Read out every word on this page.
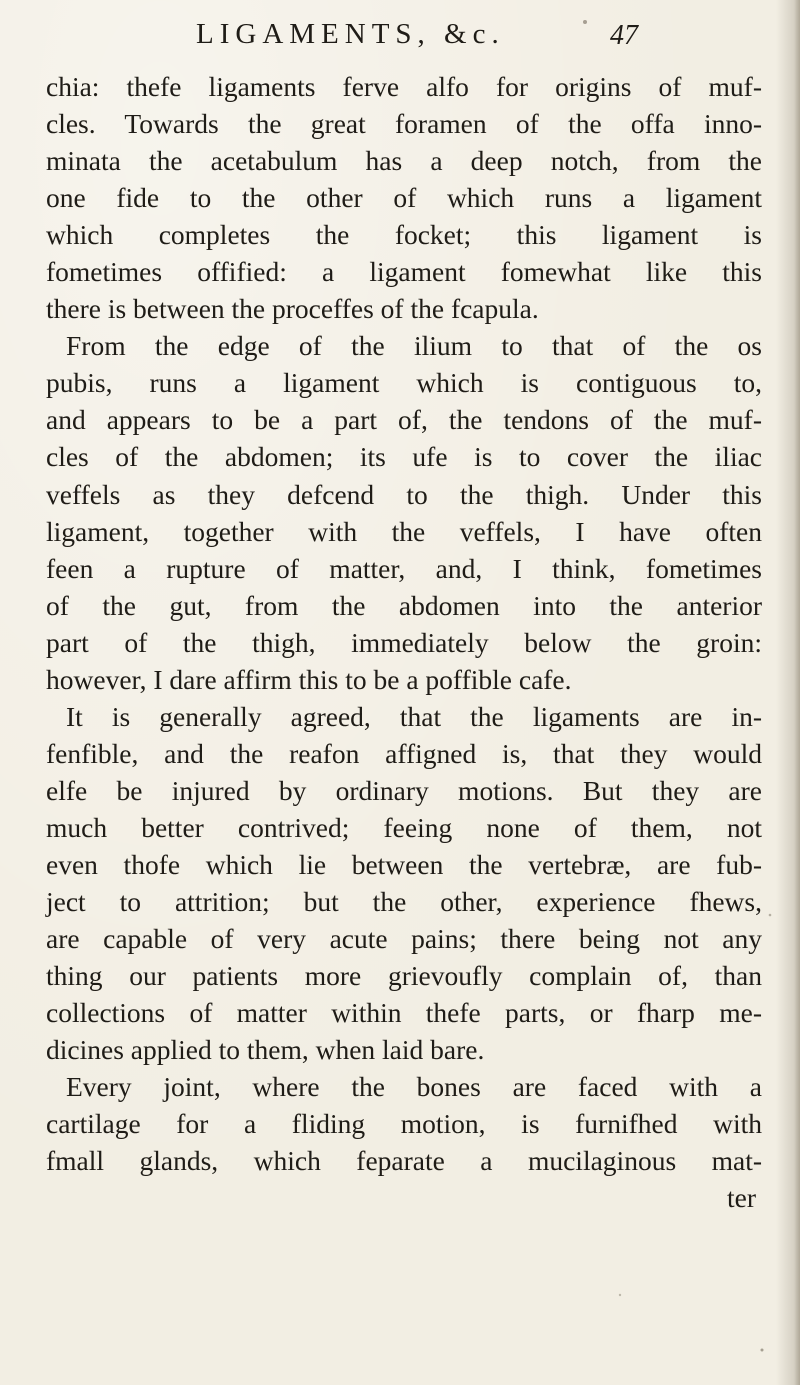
LIGAMENTS, &c.	47
chia: thefe ligaments ferve alfo for origins of muf-
cles. Towards the great foramen of the offa inno-
minata the acetabulum has a deep notch, from the
one fide to the other of which runs a ligament
which completes the focket; this ligament is
fometimes offified: a ligament fomewhat like this
there is between the proceffes of the fcapula.
From the edge of the ilium to that of the os
pubis, runs a ligament which is contiguous to,
and appears to be a part of, the tendons of the muf-
cles of the abdomen; its ufe is to cover the iliac
veffels as they defcend to the thigh. Under this
ligament, together with the veffels, I have often
feen a rupture of matter, and, I think, fometimes
of the gut, from the abdomen into the anterior
part of the thigh, immediately below the groin:
however, I dare affirm this to be a poffible cafe.
It is generally agreed, that the ligaments are in-
fenfible, and the reafon affigned is, that they would
elfe be injured by ordinary motions. But they are
much better contrived; feeing none of them, not
even thofe which lie between the vertebræ, are fub-
ject to attrition; but the other, experience fhews,
are capable of very acute pains; there being not any
thing our patients more grievoufly complain of, than
collections of matter within thefe parts, or fharp me-
dicines applied to them, when laid bare.
Every joint, where the bones are faced with a
cartilage for a fliding motion, is furnifhed with
fmall glands, which feparate a mucilaginous mat-
ter
